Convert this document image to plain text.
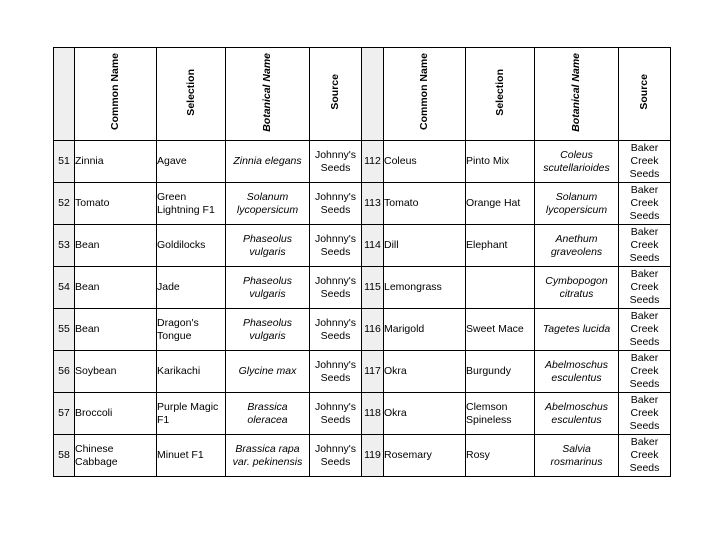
	Common Name	Selection	Botanical Name	Source		Common Name	Selection	Botanical Name	Source
51	Zinnia	Agave	Zinnia elegans	Johnny's Seeds	112	Coleus	Pinto Mix	Coleus scutellarioides	Baker Creek Seeds
52	Tomato	Green Lightning F1	Solanum lycopersicum	Johnny's Seeds	113	Tomato	Orange Hat	Solanum lycopersicum	Baker Creek Seeds
53	Bean	Goldilocks	Phaseolus vulgaris	Johnny's Seeds	114	Dill	Elephant	Anethum graveolens	Baker Creek Seeds
54	Bean	Jade	Phaseolus vulgaris	Johnny's Seeds	115	Lemongrass		Cymbopogon citratus	Baker Creek Seeds
55	Bean	Dragon's Tongue	Phaseolus vulgaris	Johnny's Seeds	116	Marigold	Sweet Mace	Tagetes lucida	Baker Creek Seeds
56	Soybean	Karikachi	Glycine max	Johnny's Seeds	117	Okra	Burgundy	Abelmoschus esculentus	Baker Creek Seeds
57	Broccoli	Purple Magic F1	Brassica oleracea	Johnny's Seeds	118	Okra	Clemson Spineless	Abelmoschus esculentus	Baker Creek Seeds
58	Chinese Cabbage	Minuet F1	Brassica rapa var. pekinensis	Johnny's Seeds	119	Rosemary	Rosy	Salvia rosmarinus	Baker Creek Seeds
